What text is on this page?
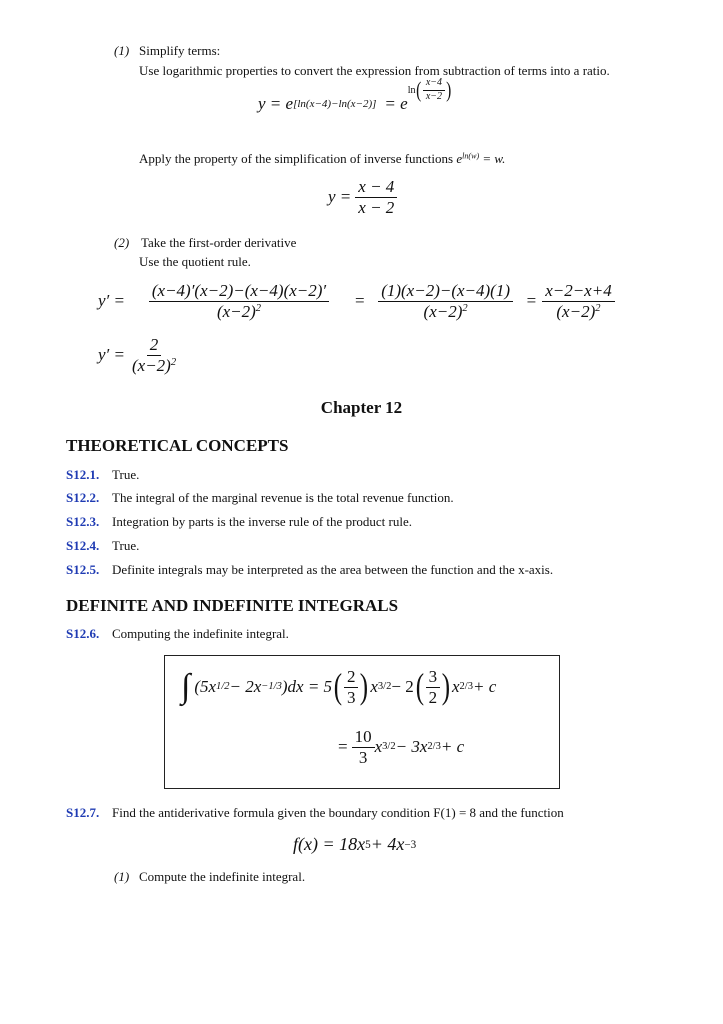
(1) Simplify terms:
Use logarithmic properties to convert the expression from subtraction of terms into a ratio.
y = e [ln(x−4)−ln(x−2)] = e
ln ( $\frac{x-4}{x-2}$ )
Apply the property of the simplification of inverse functions $e^{ln(w)} = w$.
$y = \frac{x - 4}{x - 2}$
(2) Take the first-order derivative
Use the quotient rule.
$y' = \frac{(x-4)'(x-2)-(x-4)(x-2)'}{(x-2)^2} = \frac{(1)(x-2)-(x-4)(1)}{(x-2)^2} = \frac{x-2-x+4}{(x-2)^2}$
$y' = \frac{2}{(x-2)^2}$
Chapter 12
THEORETICAL CONCEPTS
S12.1. True.
S12.2. The integral of the marginal revenue is the total revenue function.
S12.3. Integration by parts is the inverse rule of the product rule.
S12.4. True.
S12.5. Definite integrals may be interpreted as the area between the function and the x-axis.
DEFINITE AND INDEFINITE INTEGRALS
S12.6. Computing the indefinite integral.
∫ (5x 1/2 − 2x −1/3 )dx = 5 ( $\frac{2}{3}$ ) x 3/2 − 2 ( $\frac{3}{2}$ ) x 2/3 + c
= $\frac{10}{3}$ x 3/2 − 3x 2/3 + c
S12.7. Find the antiderivative formula given the boundary condition F(1) = 8 and the function
f(x) = 18x 5 + 4x −3
(1) Compute the indefinite integral.
